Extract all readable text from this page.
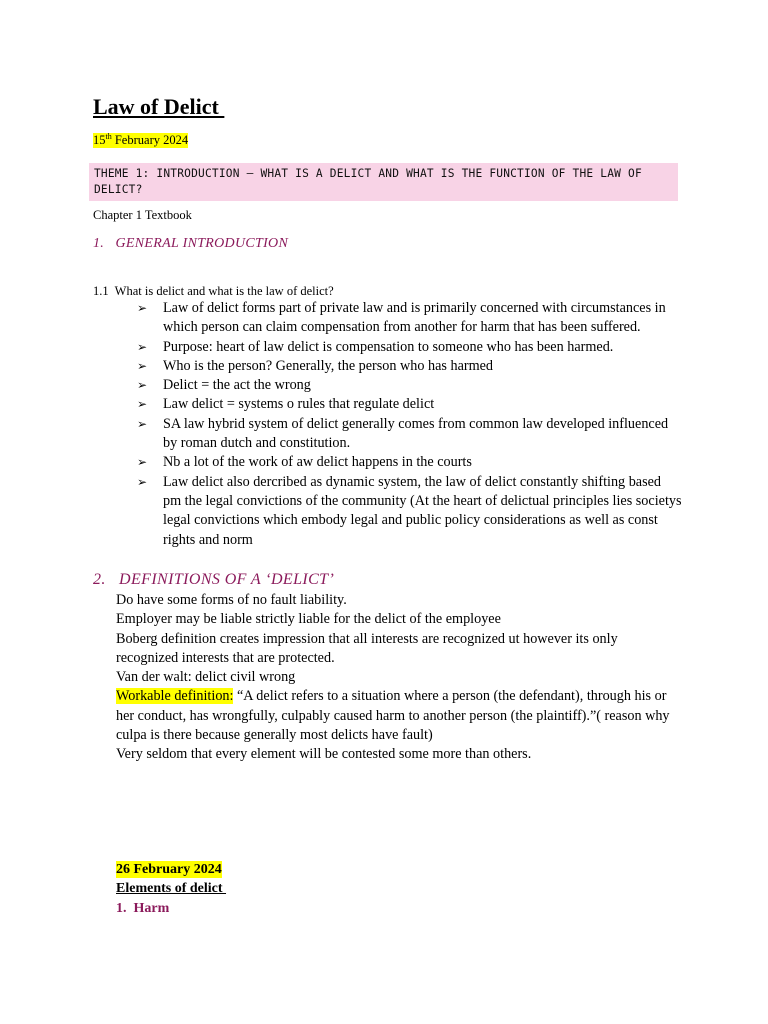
Law of Delict
15th February 2024
THEME 1: INTRODUCTION – WHAT IS A DELICT AND WHAT IS THE FUNCTION OF THE LAW OF DELICT?
Chapter 1 Textbook
1. GENERAL INTRODUCTION
1.1 What is delict and what is the law of delict?
➢ Law of delict forms part of private law and is primarily concerned with circumstances in which person can claim compensation from another for harm that has been suffered.
➢ Purpose: heart of law delict is compensation to someone who has been harmed.
➢ Who is the person? Generally, the person who has harmed
➢ Delict = the act the wrong
➢ Law delict = systems o rules that regulate delict
➢ SA law hybrid system of delict generally comes from common law developed influenced by roman dutch and constitution.
➢ Nb a lot of the work of aw delict happens in the courts
➢ Law delict also dercribed as dynamic system, the law of delict constantly shifting based pm the legal convictions of the community (At the heart of delictual principles lies societys legal convictions which embody legal and public policy considerations as well as const rights and norm
2. DEFINITIONS OF A ‘DELICT’

Do have some forms of no fault liability.

Employer may be liable strictly liable for the delict of the employee

Boberg definition creates impression that all interests are recognized ut however its only recognized interests that are protected.

Van der walt: delict civil wrong

Workable definition: “A delict refers to a situation where a person (the defendant), through his or her conduct, has wrongfully, culpably caused harm to another person (the plaintiff).”( reason why culpa is there because generally most delicts have fault)

Very seldom that every element will be contested some more than others.

26 February 2024
Elements of delict
1. Harm
